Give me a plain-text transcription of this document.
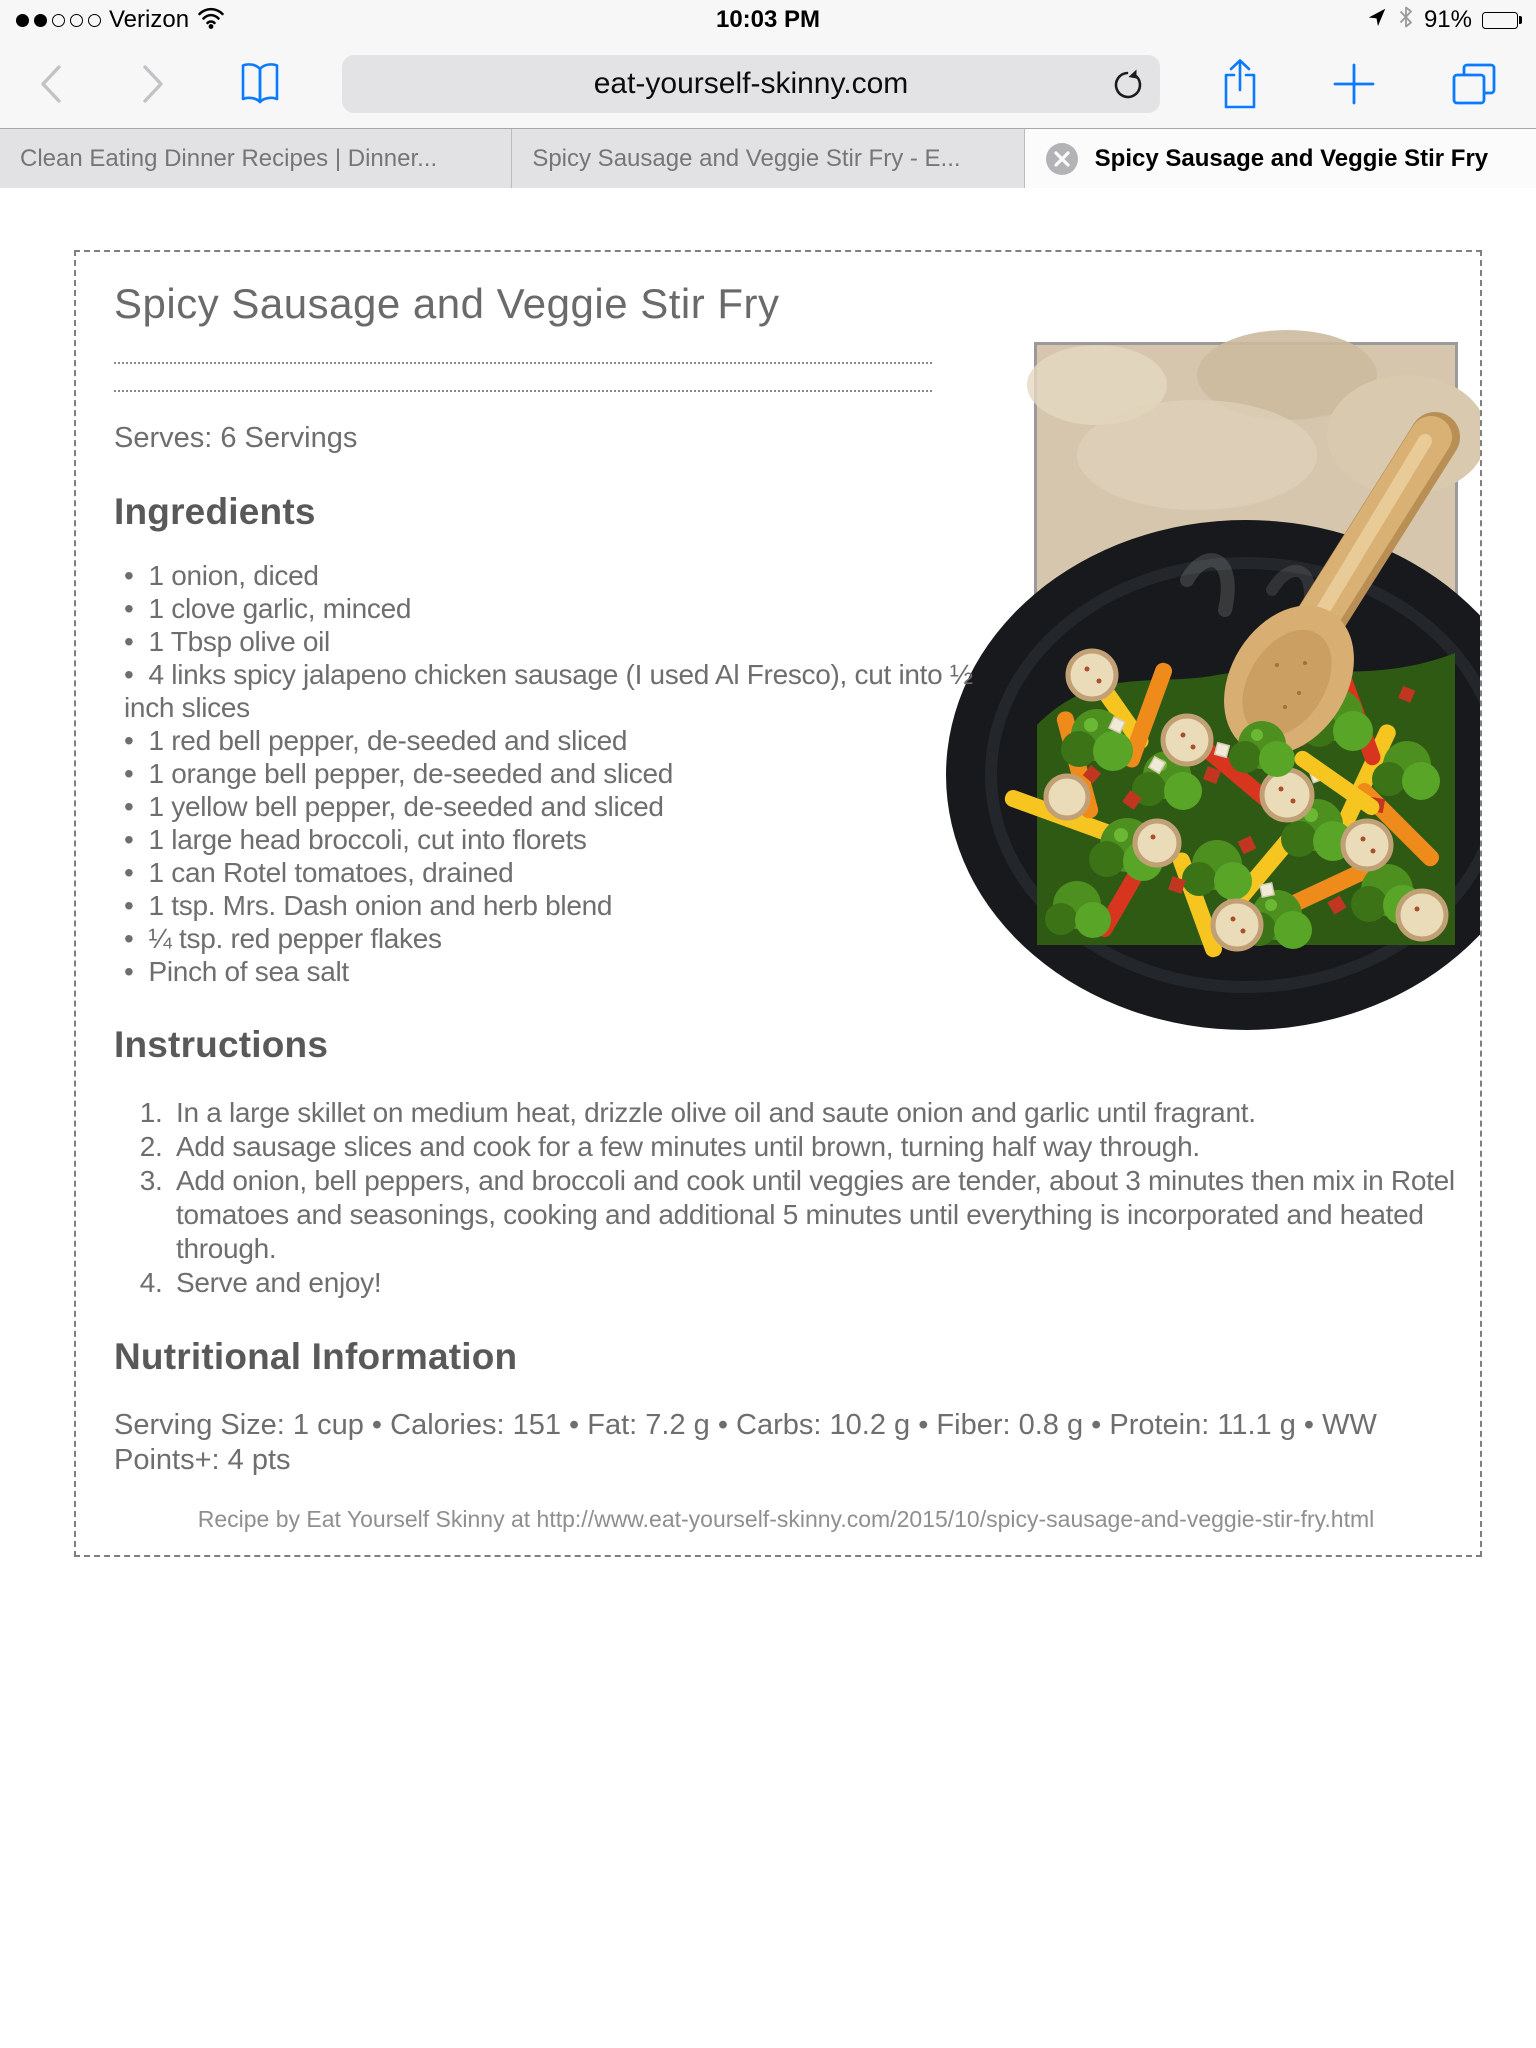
Verizon	10:03 PM	91%
eat-yourself-skinny.com
Clean Eating Dinner Recipes | Dinner...	Spicy Sausage and Veggie Stir Fry - E...	Spicy Sausage and Veggie Stir Fry
Spicy Sausage and Veggie Stir Fry

Serves: 6 Servings

Ingredients
• 1 onion, diced
• 1 clove garlic, minced
• 1 Tbsp olive oil
• 4 links spicy jalapeno chicken sausage (I used Al Fresco), cut into ½ inch slices
• 1 red bell pepper, de-seeded and sliced
• 1 orange bell pepper, de-seeded and sliced
• 1 yellow bell pepper, de-seeded and sliced
• 1 large head broccoli, cut into florets
• 1 can Rotel tomatoes, drained
• 1 tsp. Mrs. Dash onion and herb blend
• ¼ tsp. red pepper flakes
• Pinch of sea salt
Instructions
1. In a large skillet on medium heat, drizzle olive oil and saute onion and garlic until fragrant.
2. Add sausage slices and cook for a few minutes until brown, turning half way through.
3. Add onion, bell peppers, and broccoli and cook until veggies are tender, about 3 minutes then mix in Rotel tomatoes and seasonings, cooking and additional 5 minutes until everything is incorporated and heated through.
4. Serve and enjoy!
Nutritional Information

Serving Size: 1 cup • Calories: 151 • Fat: 7.2 g • Carbs: 10.2 g • Fiber: 0.8 g • Protein: 11.1 g • WW Points+: 4 pts

Recipe by Eat Yourself Skinny at http://www.eat-yourself-skinny.com/2015/10/spicy-sausage-and-veggie-stir-fry.html
